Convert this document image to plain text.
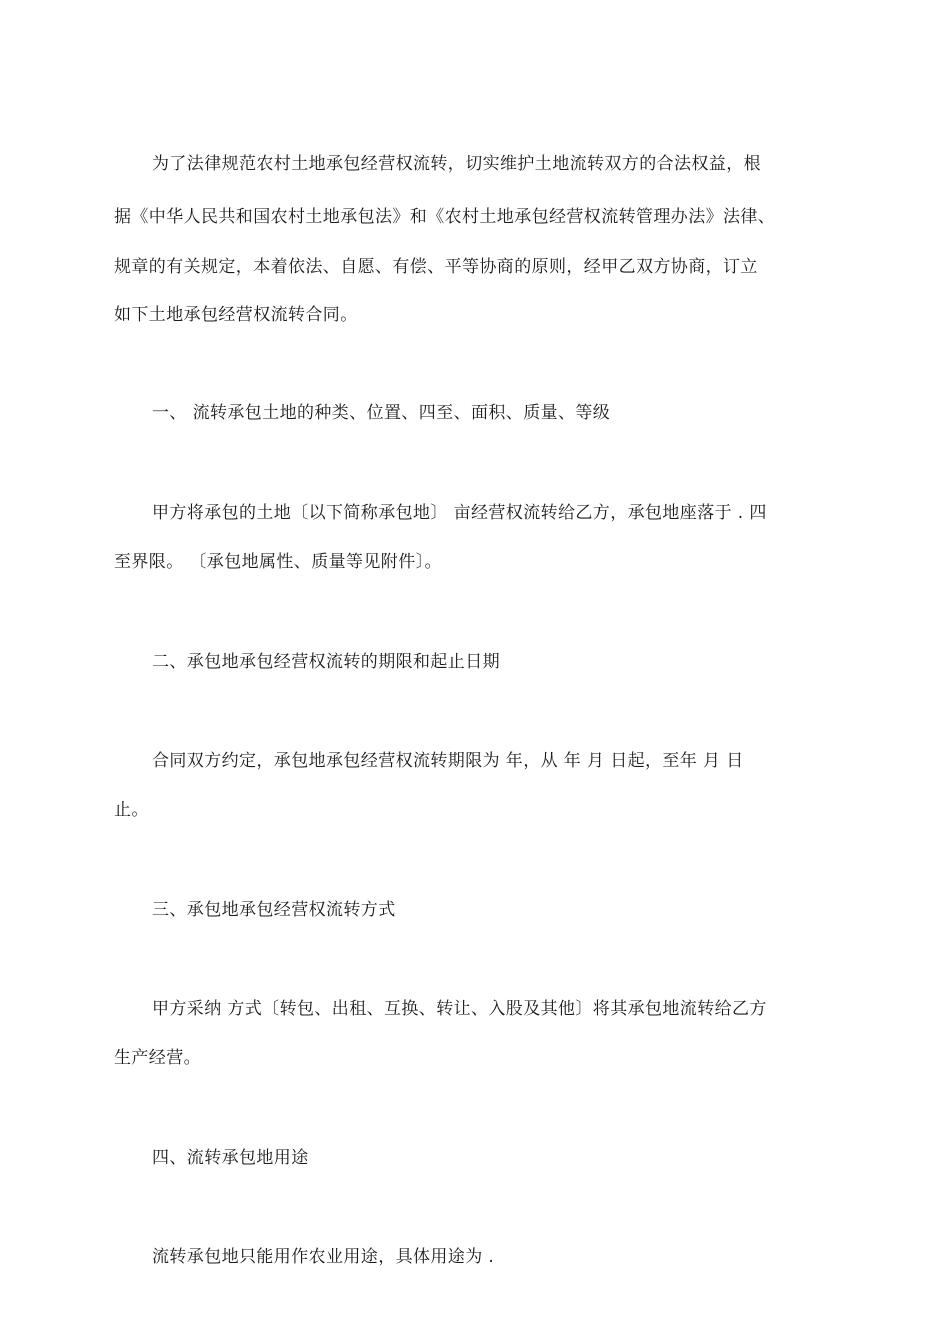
为了法律规范农村土地承包经营权流转，切实维护土地流转双方的合法权益，根
据《中华人民共和国农村土地承包法》和《农村土地承包经营权流转管理办法》法律、
规章的有关规定，本着依法、自愿、有偿、平等协商的原则，经甲乙双方协商，订立
如下土地承包经营权流转合同。
一、 流转承包土地的种类、位置、四至、面积、质量、等级
甲方将承包的土地〔以下简称承包地〕 亩经营权流转给乙方，承包地座落于 . 四
至界限。 〔承包地属性、质量等见附件〕。
二、承包地承包经营权流转的期限和起止日期
合同双方约定，承包地承包经营权流转期限为 年，从 年 月 日起，至年 月 日
止。
三、承包地承包经营权流转方式
甲方采纳 方式〔转包、出租、互换、转让、入股及其他〕将其承包地流转给乙方
生产经营。
四、流转承包地用途
流转承包地只能用作农业用途，具体用途为 .
